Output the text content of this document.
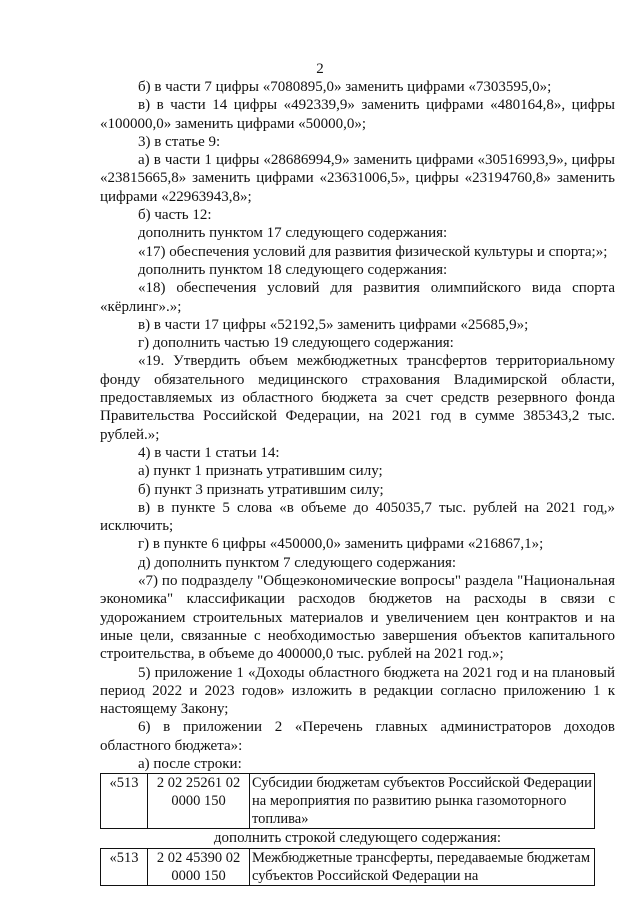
2

б) в части 7 цифры «7080895,0» заменить цифрами «7303595,0»;

в) в части 14 цифры «492339,9» заменить цифрами «480164,8», цифры «100000,0» заменить цифрами «50000,0»;

3) в статье 9:

а) в части 1 цифры «28686994,9» заменить цифрами «30516993,9», цифры «23815665,8» заменить цифрами «23631006,5», цифры «23194760,8» заменить цифрами «22963943,8»;

б) часть 12:

дополнить пунктом 17 следующего содержания:

«17) обеспечения условий для развития физической культуры и спорта;»;

дополнить пунктом 18 следующего содержания:

«18) обеспечения условий для развития олимпийского вида спорта «кёрлинг».»;

в) в части 17 цифры «52192,5» заменить цифрами «25685,9»;

г) дополнить частью 19 следующего содержания:

«19. Утвердить объем межбюджетных трансфертов территориальному фонду обязательного медицинского страхования Владимирской области, предоставляемых из областного бюджета за счет средств резервного фонда Правительства Российской Федерации, на 2021 год в сумме 385343,2 тыс. рублей.»;

4) в части 1 статьи 14:

а) пункт 1 признать утратившим силу;

б) пункт 3 признать утратившим силу;

в) в пункте 5 слова «в объеме до 405035,7 тыс. рублей на 2021 год,» исключить;

г) в пункте 6 цифры «450000,0» заменить цифрами «216867,1»;

д) дополнить пунктом 7 следующего содержания:

«7) по подразделу "Общеэкономические вопросы" раздела "Национальная экономика" классификации расходов бюджетов на расходы в связи с удорожанием строительных материалов и увеличением цен контрактов и на иные цели, связанные с необходимостью завершения объектов капитального строительства, в объеме до 400000,0 тыс. рублей на 2021 год.»;

5) приложение 1 «Доходы областного бюджета на 2021 год и на плановый период 2022 и 2023 годов» изложить в редакции согласно приложению 1 к настоящему Закону;

6) в приложении 2 «Перечень главных администраторов доходов областного бюджета»:

а) после строки:

«513	2 02 25261 02 0000 150	Субсидии бюджетам субъектов Российской Федерации на мероприятия по развитию рынка газомоторного топлива»

дополнить строкой следующего содержания:

«513	2 02 45390 02 0000 150	Межбюджетные трансферты, передаваемые бюджетам субъектов Российской Федерации на
